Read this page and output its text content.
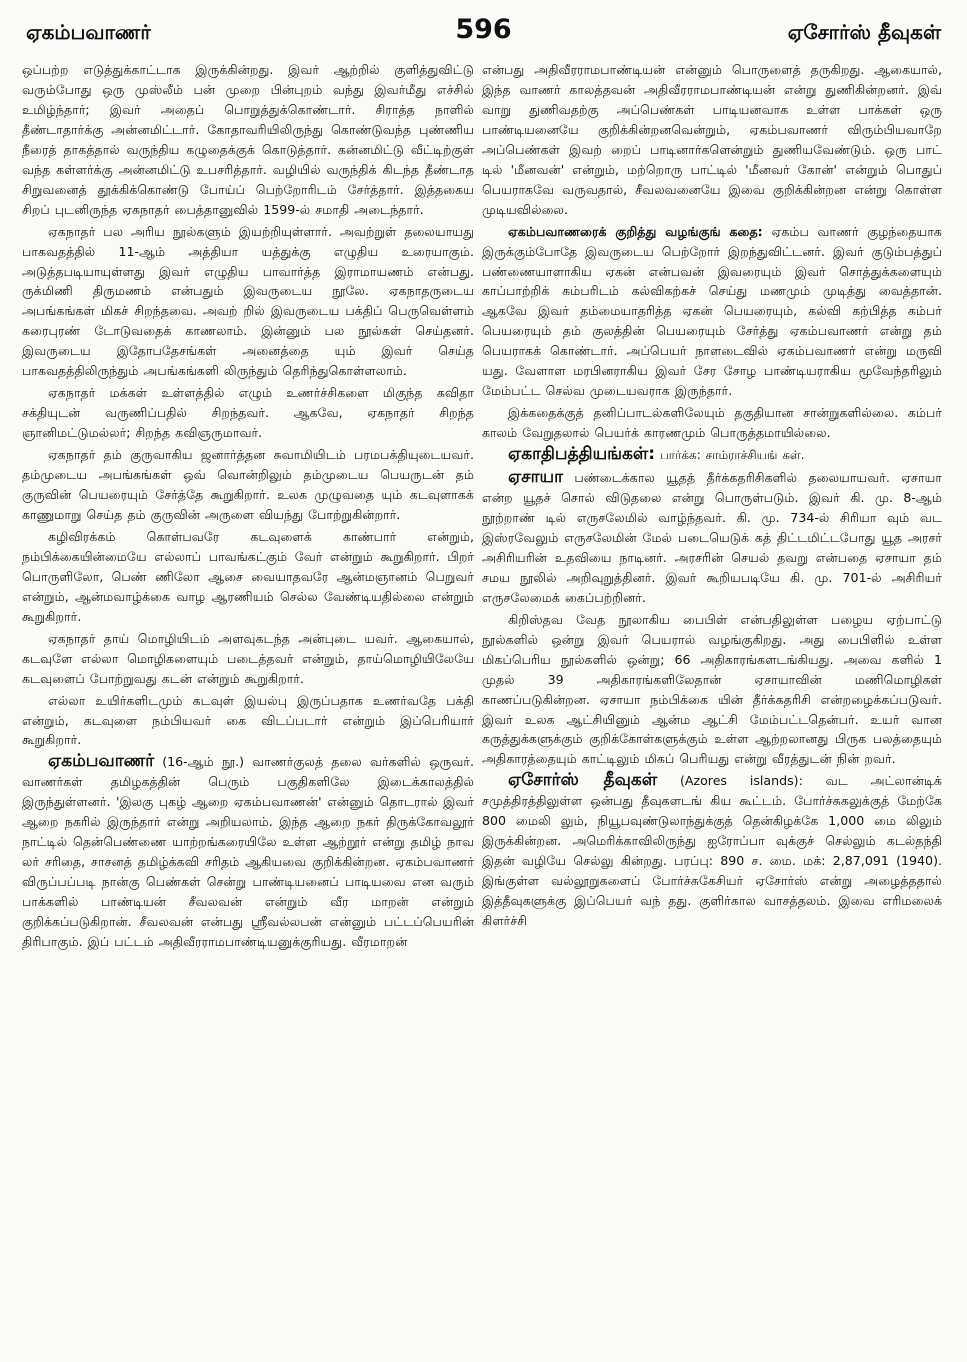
ஏகம்பவாணர்	596	ஏசோர்ஸ் தீவுகள்

ஒப்பற்ற எடுத்துக்காட்டாக இருக்கின்றது. இவர் ஆற்றில் குளித்துவிட்டு வரும்போது ஒரு முஸ்லீம் பன் முறை பின்புறம் வந்து இவர்மீது எச்சில் உமிழ்ந்தார்; இவர் அதைப் பொறுத்துக்கொண்டார். சிராத்த நாளில் தீண்டாதார்க்கு அன்னமிட்டார். கோதாவரியிலிருந்து கொண்டுவந்த புண்ணிய நீரைத் தாகத்தால் வருந்திய கழுதைக்குக் கொடுத்தார். கன்னமிட்டு வீட்டிற்குள் வந்த கள்ளர்க்கு அன்னமிட்டு உபசரித்தார். வழியில் வருந்திக் கிடந்த தீண்டாத சிறுவனைத் தூக்கிக்கொண்டு போய்ப் பெற்றோரிடம் சேர்த்தார். இத்தகைய சிறப் புடனிருந்த ஏகநாதர் பைத்தானுவில் 1599-ல் சமாதி அடைந்தார்.

ஏகநாதர் பல அரிய நூல்களும் இயற்றியுள்ளார். அவற்றுள் தலையாயது பாகவதத்தில் 11-ஆம் அத்தியா யத்துக்கு எழுதிய உரையாகும். அடுத்தபடியாயுள்ளது இவர் எழுதிய பாவார்த்த இராமாயணம் என்பது. ருக்மிணி திருமணம் என்பதும் இவருடைய நூலே. ஏகநாதருடைய அபங்கங்கள் மிகச் சிறந்தவை. அவற் றில் இவருடைய பக்திப் பெருவெள்ளம் கரைபுரண் டோடுவதைக் காணலாம். இன்னும் பல நூல்கள் செய்தனர். இவருடைய இதோபதேசங்கள் அனைத்தை யும் இவர் செய்த பாகவதத்திலிருந்தும் அபங்கங்களி லிருந்தும் தெரிந்துகொள்ளலாம்.

ஏகநாதர் மக்கள் உள்ளத்தில் எழும் உணர்ச்சிகளை மிகுந்த கவிதா சக்தியுடன் வருணிப்பதில் சிறந்தவர். ஆகவே, ஏகநாதர் சிறந்த ஞானிமட்டுமல்லர்; சிறந்த கவிஞருமாவர்.

ஏகநாதர் தம் குருவாகிய ஜனார்த்தன சுவாமியிடம் பரமபக்தியுடையவர். தம்முடைய அபங்கங்கள் ஒவ் வொன்றிலும் தம்முடைய பெயருடன் தம் குருவின் பெயரையும் சேர்த்தே கூறுகிறார். உலக முழுவதை யும் கடவுளாகக் காணுமாறு செய்த தம் குருவின் அருளை வியந்து போற்றுகின்றார்.

கழிவிரக்கம் கொள்பவரே கடவுளைக் காண்பார் என்றும், நம்பிக்கையின்மையே எல்லாப் பாவங்கட்கும் வேர் என்றும் கூறுகிறார். பிறர் பொருளிலோ, பெண் ணிலோ ஆசை வையாதவரே ஆன்மஞானம் பெறுவர் என்றும், ஆன்மவாழ்க்கை வாழ ஆரணியம் செல்ல வேண்டியதில்லை என்றும் கூறுகிறார்.

ஏகநாதர் தாய் மொழியிடம் அளவுகடந்த அன்புடை யவர். ஆகையால், கடவுளே எல்லா மொழிகளையும் படைத்தவர் என்றும், தாய்மொழியிலேயே கடவுளைப் போற்றுவது கடன் என்றும் கூறுகிறார்.

எல்லா உயிர்களிடமும் கடவுள் இயல்பு இருப்பதாக உணர்வதே பக்தி என்றும், கடவுளை நம்பியவர் கை விடப்படார் என்றும் இப்பெரியார் கூறுகிறார்.

ஏகம்பவாணர் (16-ஆம் நூ.) வாணர்குலத் தலை வர்களில் ஒருவர். வாணர்கள் தமிழகத்தின் பெரும் பகுதிகளிலே இடைக்காலத்தில் இருந்துள்ளனர். 'இலகு புகழ் ஆறை ஏகம்பவாணன்' என்னும் தொடரால் இவர் ஆறை நகரில் இருந்தார் என்று அறியலாம். இந்த ஆறை நகர் திருக்கோவலூர் நாட்டில் தென்பெண்ணை யாற்றங்கரையிலே உள்ள ஆற்றூர் என்று தமிழ் நாவ லர் சரிதை, சாசனத் தமிழ்க்கவி சரிதம் ஆகியவை குறிக்கின்றன. ஏகம்பவாணர் விருப்பப்படி நான்கு பெண்கள் சென்று பாண்டியனைப் பாடியவை என வரும் பாக்களில் பாண்டியன் சீவலவன் என்றும் வீர மாறன் என்றும் குறிக்கப்படுகிறான். சீவலவன் என்பது ஸ்ரீவல்லபன் என்னும் பட்டப்பெயரின் திரிபாகும். இப் பட்டம் அதிவீரராமபாண்டியனுக்குரியது. வீரமாறன்

என்பது அதிவீரராமபாண்டியன் என்னும் பொருளைத் தருகிறது. ஆகையால், இந்த வாணர் காலத்தவன் அதிவீரராமபாண்டியன் என்று துணிகின்றனர். இவ் வாறு துணிவதற்கு அப்பெண்கள் பாடியனவாக உள்ள பாக்கள் ஒரு பாண்டியனையே குறிக்கின்றனவென்றும், ஏகம்பவாணர் விரும்பியவாறே அப்பெண்கள் இவற் றைப் பாடினார்களென்றும் துணியவேண்டும். ஒரு பாட் டில் 'மீனவன்' என்றும், மற்றொரு பாட்டில் 'மீனவர் கோன்' என்றும் பொதுப் பெயராகவே வருவதால், சீவலவனையே இவை குறிக்கின்றன என்று கொள்ள முடியவில்லை.

ஏகம்பவாணரைக் குறித்து வழங்குங் கதை: ஏகம்ப வாணர் குழந்தையாக இருக்கும்போதே இவருடைய பெற்றோர் இறந்துவிட்டனர். இவர் குடும்பத்துப் பண்ணையாளாகிய ஏகன் என்பவன் இவரையும் இவர் சொத்துக்களையும் காப்பாற்றிக் கம்பரிடம் கல்விகற்கச் செய்து மணமும் முடித்து வைத்தான். ஆகவே இவர் தம்மையாதரித்த ஏகன் பெயரையும், கல்வி கற்பித்த கம்பர் பெயரையும் தம் குலத்தின் பெயரையும் சேர்த்து ஏகம்பவாணர் என்று தம் பெயராகக் கொண்டார். அப்பெயர் நாளடைவில் ஏகம்பவாணர் என்று மருவி யது. வேளாள மரபினராகிய இவர் சேர சோழ பாண்டியராகிய மூவேந்தரிலும் மேம்பட்ட செல்வ முடையவராக இருந்தார்.

இக்கதைக்குத் தனிப்பாடல்களிலேயும் தகுதியான சான்றுகளில்லை. கம்பர் காலம் வேறுதலால் பெயர்க் காரணமும் பொருத்தமாயில்லை.

ஏகாதிபத்தியங்கள்: பார்க்க: சாம்ராச்சியங் கள்.

ஏசாயா பண்டைக்கால யூதத் தீர்க்கதரிசிகளில் தலையாயவர். ஏசாயா என்ற யூதச் சொல் விடுதலை என்று பொருள்படும். இவர் கி. மு. 8-ஆம் நூற்றாண் டில் எருசலேமில் வாழ்ந்தவர். கி. மு. 734-ல் சிரியா வும் வட இஸ்ரவேலும் எருசலேமின் மேல் படையெடுக் கத் திட்டமிட்டபோது யூத அரசர் அசிரியரின் உதவியை நாடினர். அரசரின் செயல் தவறு என்பதை ஏசாயா தம் சமய நூலில் அறிவுறுத்தினர். இவர் கூறியபடியே கி. மு. 701-ல் அசிரியர் எருசலேமைக் கைப்பற்றினர்.

கிறிஸ்தவ வேத நூலாகிய பைபிள் என்பதிலுள்ள பழைய ஏற்பாட்டு நூல்களில் ஒன்று இவர் பெயரால் வழங்குகிறது. அது பைபிளில் உள்ள மிகப்பெரிய நூல்களில் ஒன்று; 66 அதிகாரங்களடங்கியது. அவை களில் 1 முதல் 39 அதிகாரங்களிலேதான் ஏசாயாவின் மணிமொழிகள் காணப்படுகின்றன. ஏசாயா நம்பிக்கை யின் தீர்க்கதரிசி என்றழைக்கப்படுவர். இவர் உலக ஆட்சியினும் ஆன்ம ஆட்சி மேம்பட்டதென்பர். உயர் வான கருத்துக்களுக்கும் குறிக்கோள்களுக்கும் உள்ள ஆற்றலானது பிருக பலத்தையும் அதிகாரத்தையும் காட்டிலும் மிகப் பெரியது என்று வீரத்துடன் நின் றவர்.

ஏசோர்ஸ் தீவுகள் (Azores islands): வட அட்லான்டிக் சமுத்திரத்திலுள்ள ஒன்பது தீவுகளடங் கிய கூட்டம். போர்ச்சுகலுக்குத் மேற்கே 800 மைலி லும், நியூபவுண்டுலாந்துக்குத் தென்கிழக்கே 1,000 மை லிலும் இருக்கின்றன. அமெரிக்காவிலிருந்து ஐரோப்பா வுக்குச் செல்லும் கடல்தந்தி இதன் வழியே செல்லு கின்றது. பரப்பு: 890 ச. மை. மக்: 2,87,091 (1940). இங்குள்ள வல்லூறுகளைப் போர்ச்சுகேசியர் ஏசோர்ஸ் என்று அழைத்ததால் இத்தீவுகளுக்கு இப்பெயர் வந் தது. குளிர்கால வாசத்தலம். இவை எரிமலைக் கிளர்ச்சி
